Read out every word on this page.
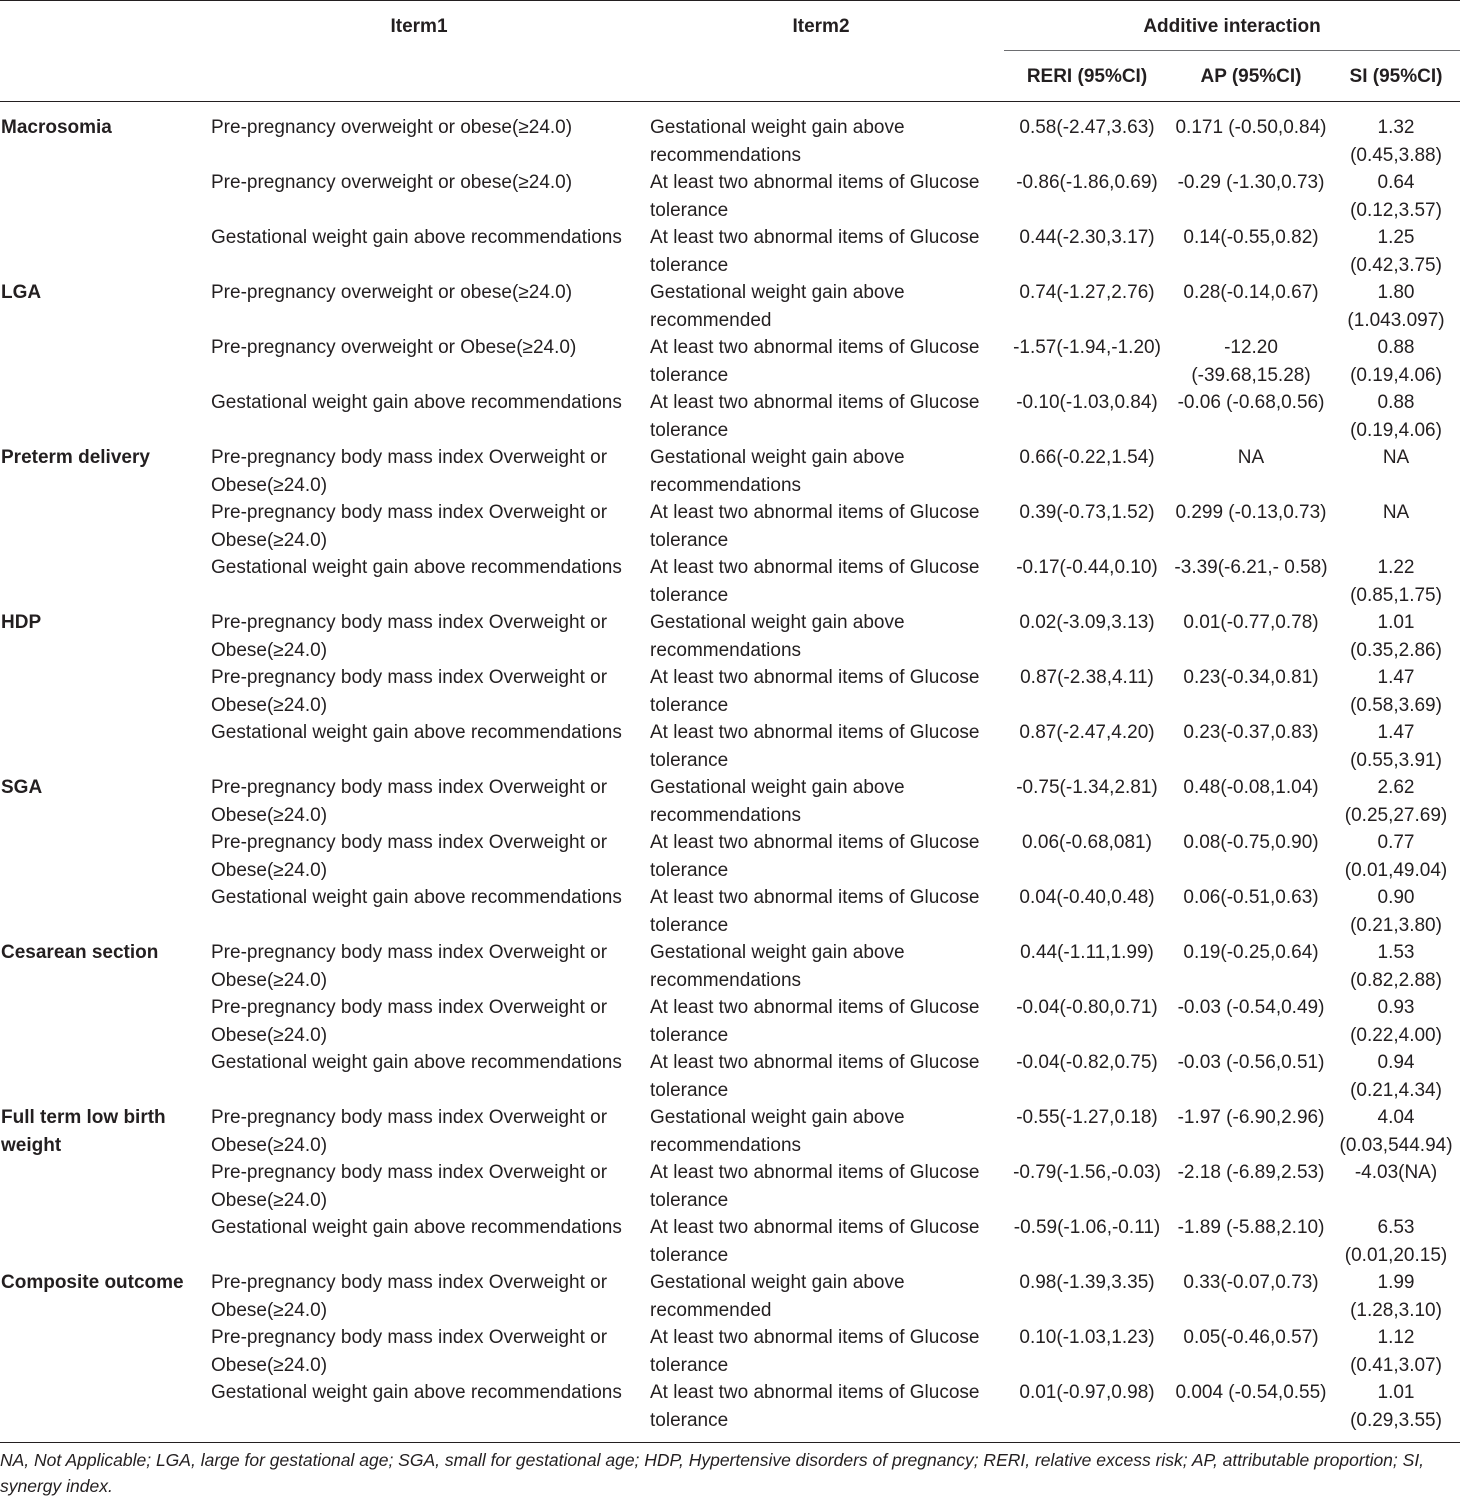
	Iterm1	Iterm2	Additive interaction		
			RERI (95%CI)	AP (95%CI)	SI (95%CI)
Macrosomia	Pre-pregnancy overweight or obese(≥24.0)	Gestational weight gain above recommendations	0.58(-2.47,3.63)	0.171 (-0.50,0.84)	1.32 (0.45,3.88)
	Pre-pregnancy overweight or obese(≥24.0)	At least two abnormal items of Glucose tolerance	-0.86(-1.86,0.69)	-0.29 (-1.30,0.73)	0.64 (0.12,3.57)
	Gestational weight gain above recommendations	At least two abnormal items of Glucose tolerance	0.44(-2.30,3.17)	0.14(-0.55,0.82)	1.25 (0.42,3.75)
LGA	Pre-pregnancy overweight or obese(≥24.0)	Gestational weight gain above recommended	0.74(-1.27,2.76)	0.28(-0.14,0.67)	1.80 (1.043.097)
	Pre-pregnancy overweight or Obese(≥24.0)	At least two abnormal items of Glucose tolerance	-1.57(-1.94,-1.20)	-12.20 (-39.68,15.28)	0.88 (0.19,4.06)
	Gestational weight gain above recommendations	At least two abnormal items of Glucose tolerance	-0.10(-1.03,0.84)	-0.06 (-0.68,0.56)	0.88 (0.19,4.06)
Preterm delivery	Pre-pregnancy body mass index Overweight or Obese(≥24.0)	Gestational weight gain above recommendations	0.66(-0.22,1.54)	NA	NA
	Pre-pregnancy body mass index Overweight or Obese(≥24.0)	At least two abnormal items of Glucose tolerance	0.39(-0.73,1.52)	0.299 (-0.13,0.73)	NA
	Gestational weight gain above recommendations	At least two abnormal items of Glucose tolerance	-0.17(-0.44,0.10)	-3.39(-6.21,- 0.58)	1.22 (0.85,1.75)
HDP	Pre-pregnancy body mass index Overweight or Obese(≥24.0)	Gestational weight gain above recommendations	0.02(-3.09,3.13)	0.01(-0.77,0.78)	1.01 (0.35,2.86)
	Pre-pregnancy body mass index Overweight or Obese(≥24.0)	At least two abnormal items of Glucose tolerance	0.87(-2.38,4.11)	0.23(-0.34,0.81)	1.47 (0.58,3.69)
	Gestational weight gain above recommendations	At least two abnormal items of Glucose tolerance	0.87(-2.47,4.20)	0.23(-0.37,0.83)	1.47 (0.55,3.91)
SGA	Pre-pregnancy body mass index Overweight or Obese(≥24.0)	Gestational weight gain above recommendations	-0.75(-1.34,2.81)	0.48(-0.08,1.04)	2.62 (0.25,27.69)
	Pre-pregnancy body mass index Overweight or Obese(≥24.0)	At least two abnormal items of Glucose tolerance	0.06(-0.68,081)	0.08(-0.75,0.90)	0.77 (0.01,49.04)
	Gestational weight gain above recommendations	At least two abnormal items of Glucose tolerance	0.04(-0.40,0.48)	0.06(-0.51,0.63)	0.90 (0.21,3.80)
Cesarean section	Pre-pregnancy body mass index Overweight or Obese(≥24.0)	Gestational weight gain above recommendations	0.44(-1.11,1.99)	0.19(-0.25,0.64)	1.53 (0.82,2.88)
	Pre-pregnancy body mass index Overweight or Obese(≥24.0)	At least two abnormal items of Glucose tolerance	-0.04(-0.80,0.71)	-0.03 (-0.54,0.49)	0.93 (0.22,4.00)
	Gestational weight gain above recommendations	At least two abnormal items of Glucose tolerance	-0.04(-0.82,0.75)	-0.03 (-0.56,0.51)	0.94 (0.21,4.34)
Full term low birth weight	Pre-pregnancy body mass index Overweight or Obese(≥24.0)	Gestational weight gain above recommendations	-0.55(-1.27,0.18)	-1.97 (-6.90,2.96)	4.04 (0.03,544.94)
	Pre-pregnancy body mass index Overweight or Obese(≥24.0)	At least two abnormal items of Glucose tolerance	-0.79(-1.56,-0.03)	-2.18 (-6.89,2.53)	-4.03(NA)
	Gestational weight gain above recommendations	At least two abnormal items of Glucose tolerance	-0.59(-1.06,-0.11)	-1.89 (-5.88,2.10)	6.53 (0.01,20.15)
Composite outcome	Pre-pregnancy body mass index Overweight or Obese(≥24.0)	Gestational weight gain above recommended	0.98(-1.39,3.35)	0.33(-0.07,0.73)	1.99 (1.28,3.10)
	Pre-pregnancy body mass index Overweight or Obese(≥24.0)	At least two abnormal items of Glucose tolerance	0.10(-1.03,1.23)	0.05(-0.46,0.57)	1.12 (0.41,3.07)
	Gestational weight gain above recommendations	At least two abnormal items of Glucose tolerance	0.01(-0.97,0.98)	0.004 (-0.54,0.55)	1.01 (0.29,3.55)
NA, Not Applicable; LGA, large for gestational age; SGA, small for gestational age; HDP, Hypertensive disorders of pregnancy; RERI, relative excess risk; AP, attributable proportion; SI, synergy index.
